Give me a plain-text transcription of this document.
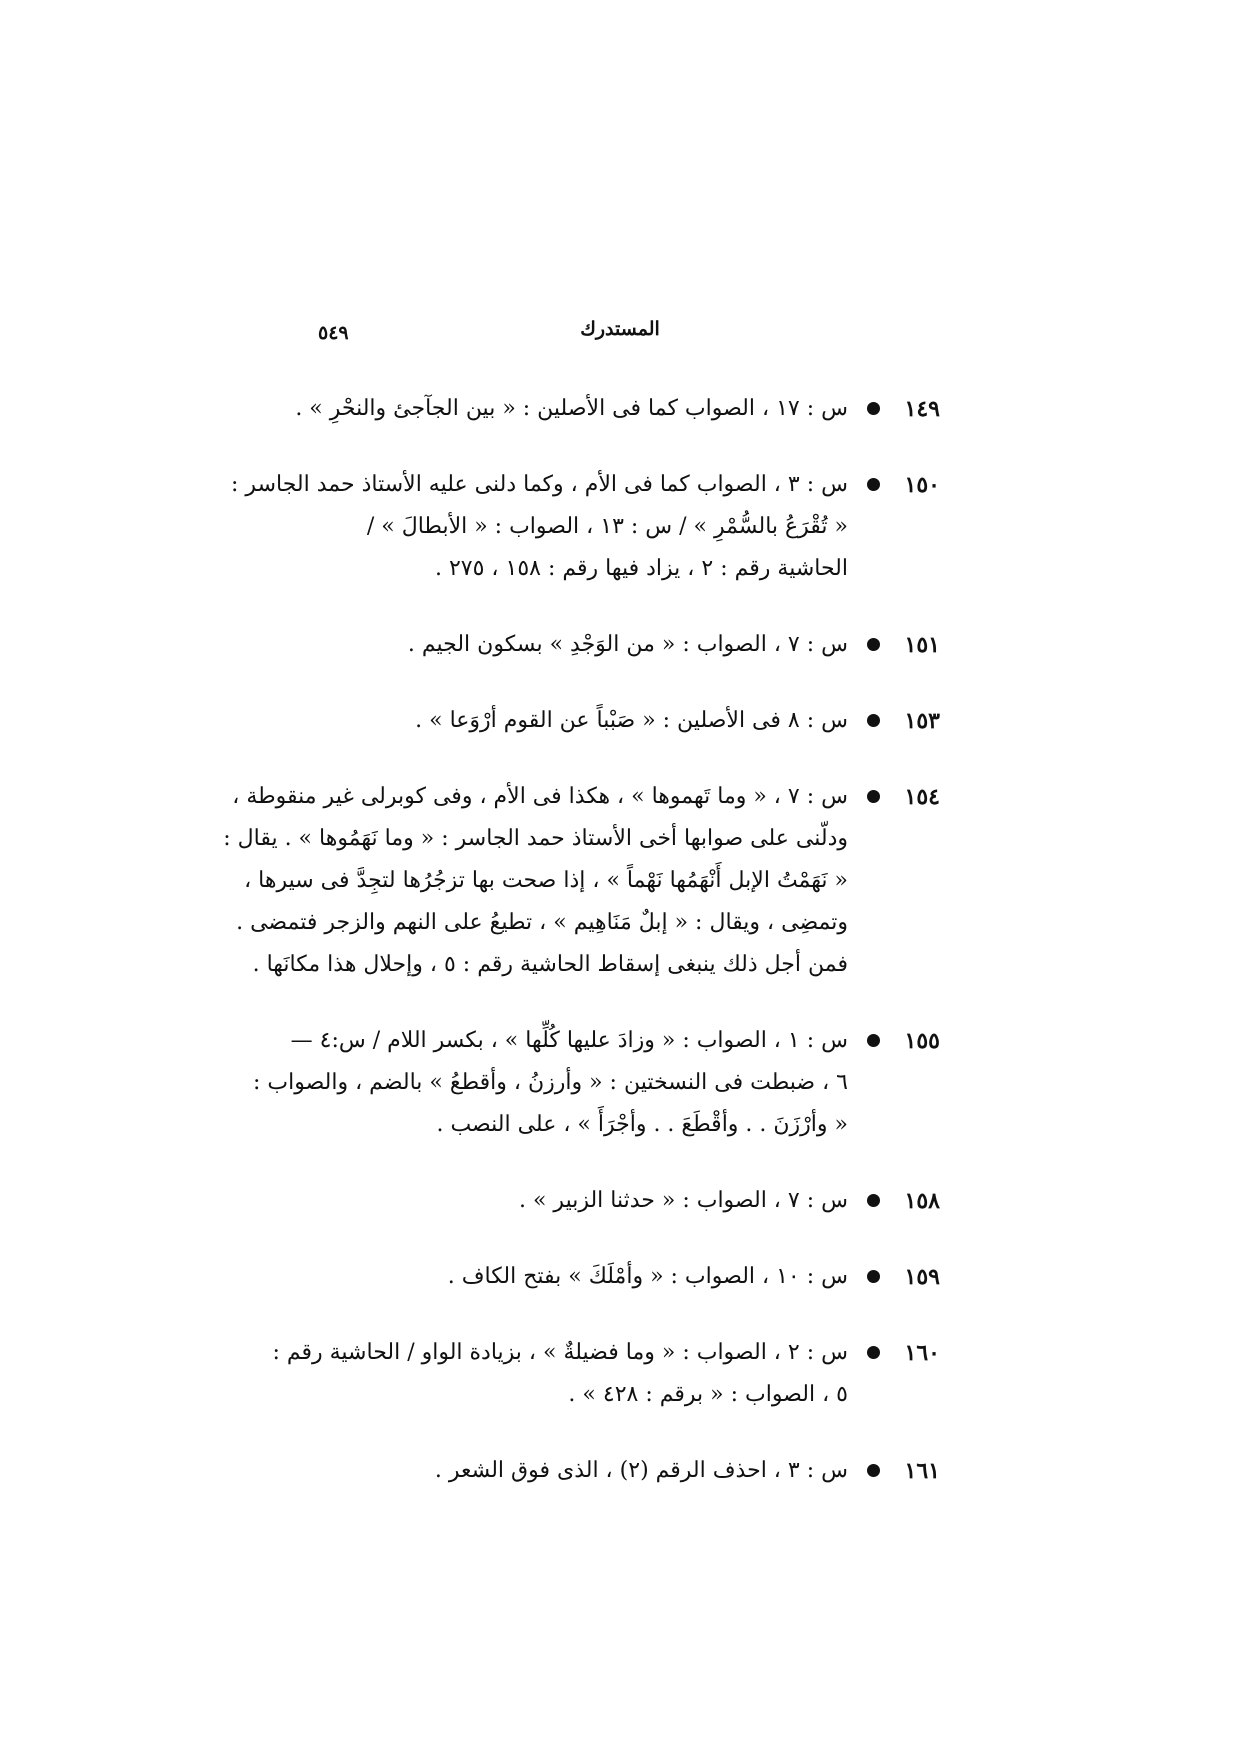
المستدرك
٥٤٩
١٤٩
س : ١٧ ، الصواب كما فى الأصلين : « بين الجآجئ والنحْرِ » .
١٥٠
س : ٣ ، الصواب كما فى الأم ، وكما دلنى عليه الأستاذ حمد الجاسر :
« تُقْرَعُ بالسُّمْرِ » / س : ١٣ ، الصواب : « الأبطالَ » /
الحاشية رقم : ٢ ، يزاد فيها رقم : ١٥٨ ، ٢٧٥ .
١٥١
س : ٧ ، الصواب : « من الوَجْدِ » بسكون الجيم .
١٥٣
س : ٨ فى الأصلين : « صَبْباً عن القوم أرْوَعا » .
١٥٤
س : ٧ ، « وما تَهموها » ، هكذا فى الأم ، وفى كوبرلى غير منقوطة ،
ودلّنى على صوابها أخى الأستاذ حمد الجاسر : « وما نَهَمُوها » . يقال :
« نَهَمْتُ الإبل أَنْهَمُها نَهْماً » ، إذا صحت بها تزجُرُها لتجِدَّ فى سيرها ،
وتمضِى ، ويقال : « إبلٌ مَنَاهِيم » ، تطيعُ على النهم والزجر فتمضى .
فمن أجل ذلك ينبغى إسقاط الحاشية رقم : ٥ ، وإحلال هذا مكانَها .
١٥٥
س : ١ ، الصواب : « وزادَ عليها كُلِّها » ، بكسر اللام / س:٤ —
٦ ، ضبطت فى النسختين : « وأرزنُ ، وأقطعُ » بالضم ، والصواب :
« وأرْزَنَ . . وأقْطَعَ . . وأجْرَأَ » ، على النصب .
١٥٨
س : ٧ ، الصواب : « حدثنا الزبير » .
١٥٩
س : ١٠ ، الصواب : « وأمْلَكَ » بفتح الكاف .
١٦٠
س : ٢ ، الصواب : « وما فضيلةٌ » ، بزيادة الواو / الحاشية رقم :
٥ ، الصواب : « برقم : ٤٢٨ » .
١٦١
س : ٣ ، احذف الرقم (٢) ، الذى فوق الشعر .
